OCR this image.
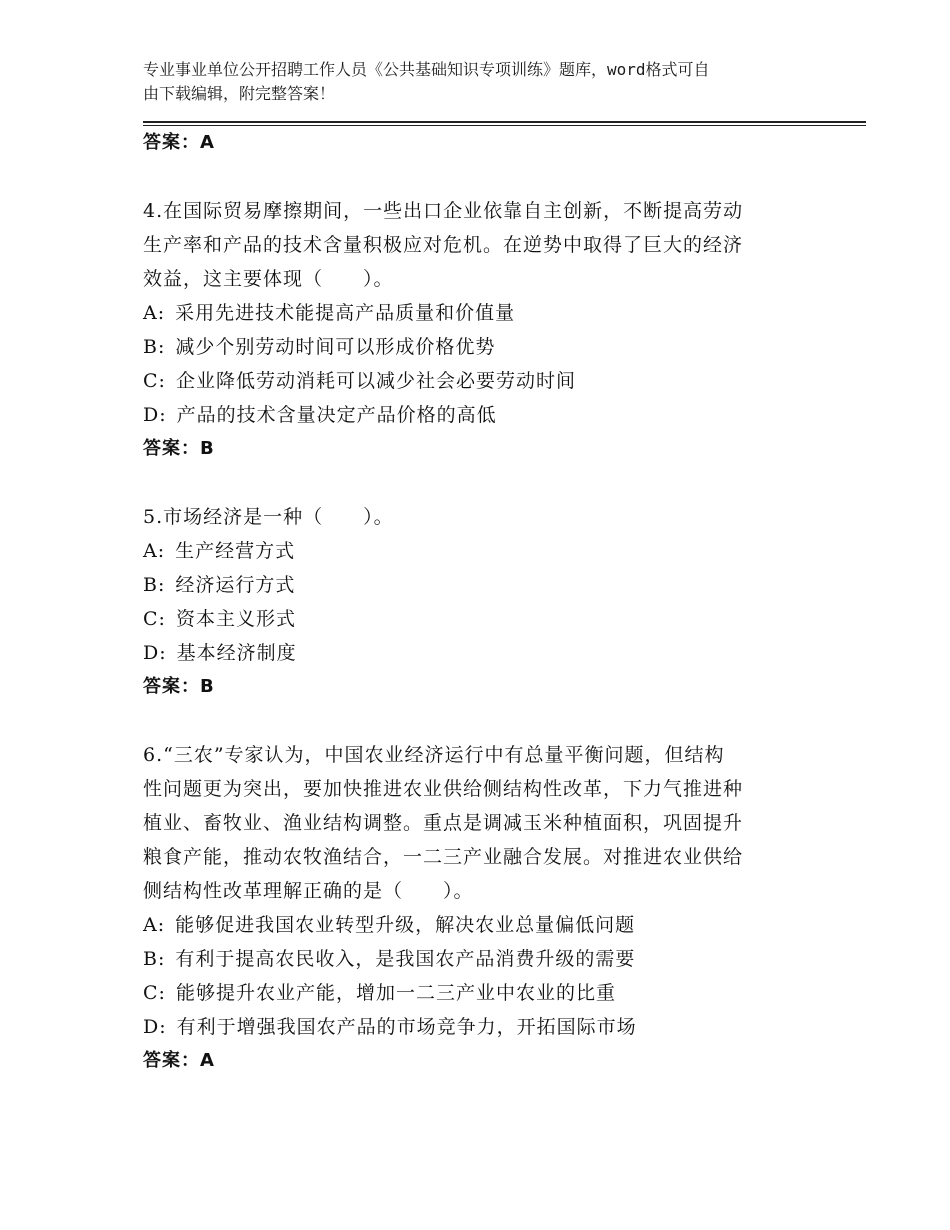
专业事业单位公开招聘工作人员《公共基础知识专项训练》题库，word格式可自
由下载编辑，附完整答案！
答案：A
4.在国际贸易摩擦期间，一些出口企业依靠自主创新，不断提高劳动
生产率和产品的技术含量积极应对危机。在逆势中取得了巨大的经济
效益，这主要体现（　　）。
A: 采用先进技术能提高产品质量和价值量
B: 减少个别劳动时间可以形成价格优势
C: 企业降低劳动消耗可以减少社会必要劳动时间
D: 产品的技术含量决定产品价格的高低
答案：B
5.市场经济是一种（　　）。
A: 生产经营方式
B: 经济运行方式
C: 资本主义形式
D: 基本经济制度
答案：B
6.“三农”专家认为，中国农业经济运行中有总量平衡问题，但结构
性问题更为突出，要加快推进农业供给侧结构性改革，下力气推进种
植业、畜牧业、渔业结构调整。重点是调减玉米种植面积，巩固提升
粮食产能，推动农牧渔结合，一二三产业融合发展。对推进农业供给
侧结构性改革理解正确的是（　　）。
A: 能够促进我国农业转型升级，解决农业总量偏低问题
B: 有利于提高农民收入，是我国农产品消费升级的需要
C: 能够提升农业产能，增加一二三产业中农业的比重
D: 有利于增强我国农产品的市场竞争力，开拓国际市场
答案：A
